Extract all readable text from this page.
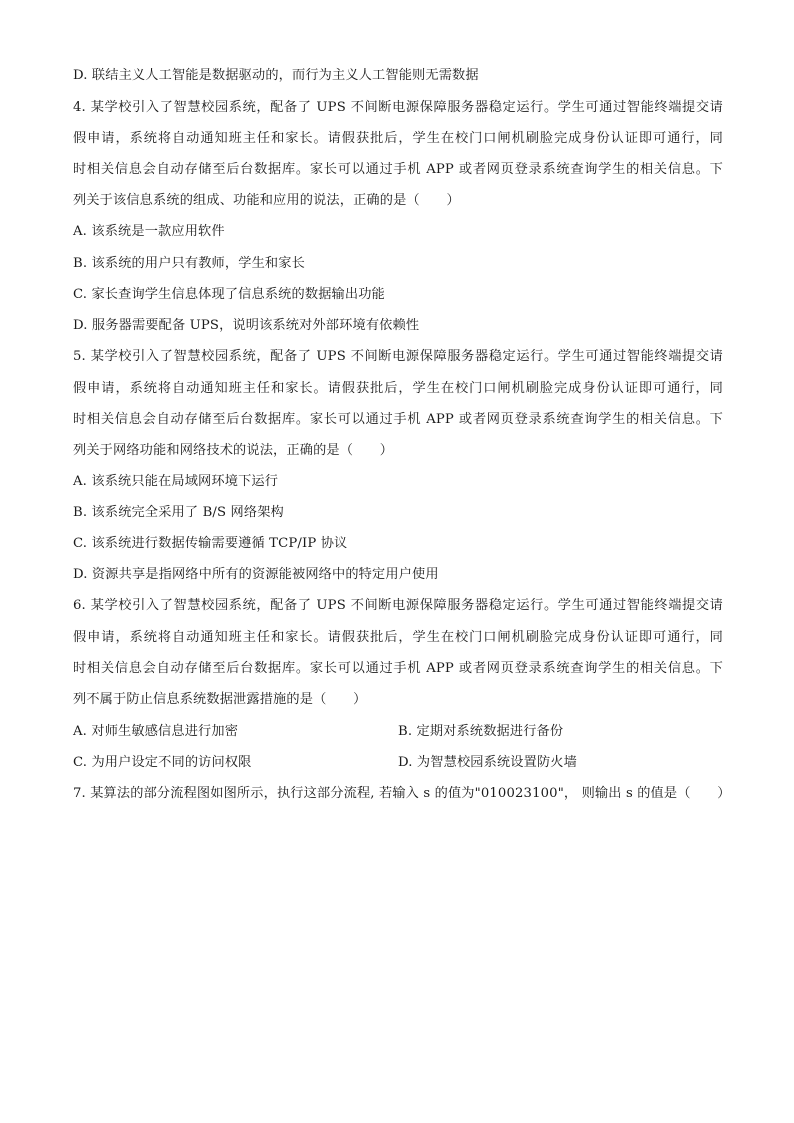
D. 联结主义人工智能是数据驱动的，而行为主义人工智能则无需数据
4. 某学校引入了智慧校园系统，配备了 UPS 不间断电源保障服务器稳定运行。学生可通过智能终端提交请
假申请，系统将自动通知班主任和家长。请假获批后，学生在校门口闸机刷脸完成身份认证即可通行，同
时相关信息会自动存储至后台数据库。家长可以通过手机 APP 或者网页登录系统查询学生的相关信息。下
列关于该信息系统的组成、功能和应用的说法，正确的是（　　）
A. 该系统是一款应用软件
B. 该系统的用户只有教师，学生和家长
C. 家长查询学生信息体现了信息系统的数据输出功能
D. 服务器需要配备 UPS，说明该系统对外部环境有依赖性
5. 某学校引入了智慧校园系统，配备了 UPS 不间断电源保障服务器稳定运行。学生可通过智能终端提交请
假申请，系统将自动通知班主任和家长。请假获批后，学生在校门口闸机刷脸完成身份认证即可通行，同
时相关信息会自动存储至后台数据库。家长可以通过手机 APP 或者网页登录系统查询学生的相关信息。下
列关于网络功能和网络技术的说法，正确的是（　　）
A. 该系统只能在局域网环境下运行
B. 该系统完全采用了 B/S 网络架构
C. 该系统进行数据传输需要遵循 TCP/IP 协议
D. 资源共享是指网络中所有的资源能被网络中的特定用户使用
6. 某学校引入了智慧校园系统，配备了 UPS 不间断电源保障服务器稳定运行。学生可通过智能终端提交请
假申请，系统将自动通知班主任和家长。请假获批后，学生在校门口闸机刷脸完成身份认证即可通行，同
时相关信息会自动存储至后台数据库。家长可以通过手机 APP 或者网页登录系统查询学生的相关信息。下
列不属于防止信息系统数据泄露措施的是（　　）
A. 对师生敏感信息进行加密	B. 定期对系统数据进行备份
C. 为用户设定不同的访问权限	D. 为智慧校园系统设置防火墙
7. 某算法的部分流程图如图所示，执行这部分流程, 若输入 s 的值为"010023100"， 则输出 s 的值是（　　）
